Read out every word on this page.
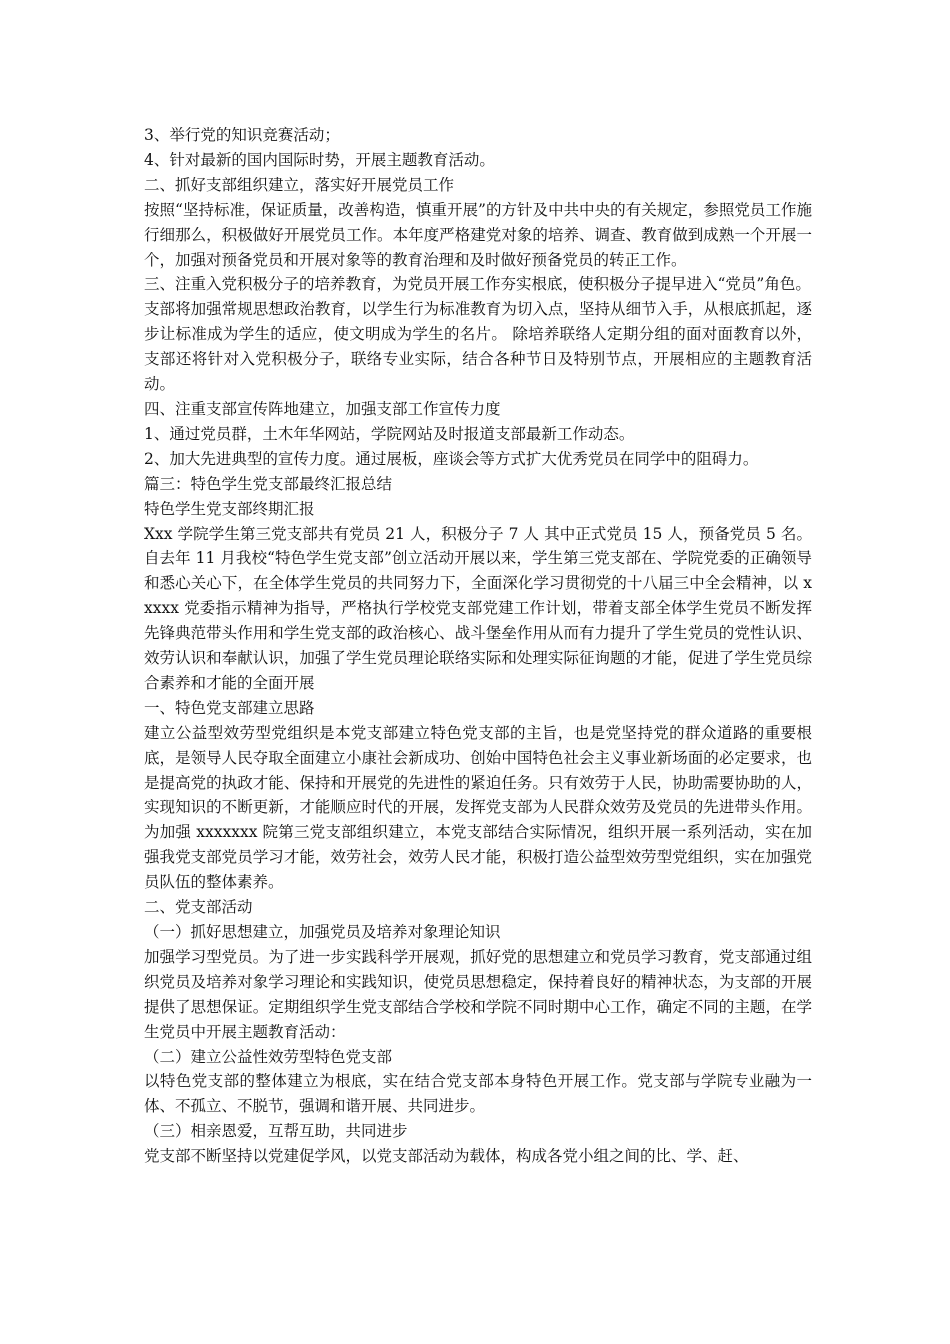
3、举行党的知识竞赛活动；

4、针对最新的国内国际时势，开展主题教育活动。

二、抓好支部组织建立，落实好开展党员工作

按照“坚持标准，保证质量，改善构造，慎重开展”的方针及中共中央的有关规定，参照党员工作施行细那么，积极做好开展党员工作。本年度严格建党对象的培养、调查、教育做到成熟一个开展一个，加强对预备党员和开展对象等的教育治理和及时做好预备党员的转正工作。

三、注重入党积极分子的培养教育，为党员开展工作夯实根底，使积极分子提早进入“党员”角色。

支部将加强常规思想政治教育，以学生行为标准教育为切入点，坚持从细节入手，从根底抓起，逐步让标准成为学生的适应，使文明成为学生的名片。 除培养联络人定期分组的面对面教育以外，支部还将针对入党积极分子，联络专业实际，结合各种节日及特别节点，开展相应的主题教育活动。

四、注重支部宣传阵地建立，加强支部工作宣传力度

1、通过党员群，土木年华网站，学院网站及时报道支部最新工作动态。

2、加大先进典型的宣传力度。通过展板，座谈会等方式扩大优秀党员在同学中的阻碍力。

篇三：特色学生党支部最终汇报总结

特色学生党支部终期汇报

Xxx 学院学生第三党支部共有党员 21 人，积极分子 7 人 其中正式党员 15 人，预备党员 5 名。自去年 11 月我校“特色学生党支部”创立活动开展以来，学生第三党支部在、学院党委的正确领导和悉心关心下，在全体学生党员的共同努力下，全面深化学习贯彻党的十八届三中全会精神，以 xxxxx 党委指示精神为指导，严格执行学校党支部党建工作计划，带着支部全体学生党员不断发挥先锋典范带头作用和学生党支部的政治核心、战斗堡垒作用从而有力提升了学生党员的党性认识、效劳认识和奉献认识，加强了学生党员理论联络实际和处理实际征询题的才能，促进了学生党员综合素养和才能的全面开展

一、特色党支部建立思路

建立公益型效劳型党组织是本党支部建立特色党支部的主旨，也是党坚持党的群众道路的重要根底，是领导人民夺取全面建立小康社会新成功、创始中国特色社会主义事业新场面的必定要求，也是提高党的执政才能、保持和开展党的先进性的紧迫任务。只有效劳于人民，协助需要协助的人，实现知识的不断更新，才能顺应时代的开展，发挥党支部为人民群众效劳及党员的先进带头作用。为加强 xxxxxxx 院第三党支部组织建立，本党支部结合实际情况，组织开展一系列活动，实在加强我党支部党员学习才能，效劳社会，效劳人民才能，积极打造公益型效劳型党组织，实在加强党员队伍的整体素养。

二、党支部活动

（一）抓好思想建立，加强党员及培养对象理论知识

加强学习型党员。为了进一步实践科学开展观，抓好党的思想建立和党员学习教育，党支部通过组织党员及培养对象学习理论和实践知识，使党员思想稳定，保持着良好的精神状态，为支部的开展提供了思想保证。定期组织学生党支部结合学校和学院不同时期中心工作，确定不同的主题，在学生党员中开展主题教育活动：

（二）建立公益性效劳型特色党支部

以特色党支部的整体建立为根底，实在结合党支部本身特色开展工作。党支部与学院专业融为一体、不孤立、不脱节，强调和谐开展、共同进步。

（三）相亲恩爱，互帮互助，共同进步

党支部不断坚持以党建促学风，以党支部活动为载体，构成各党小组之间的比、学、赶、
